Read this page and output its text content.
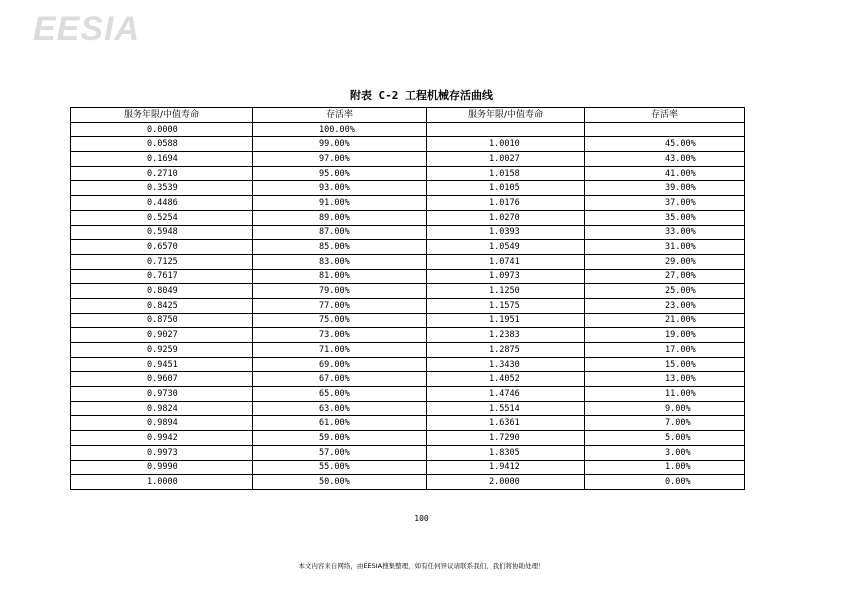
EESIA
附表 C-2 工程机械存活曲线
服务年限/中值寿命	存活率	服务年限/中值寿命	存活率
0.0000	100.00%		
0.0588	99.00%	1.0010	45.00%
0.1694	97.00%	1.0027	43.00%
0.2710	95.00%	1.0158	41.00%
0.3539	93.00%	1.0105	39.00%
0.4486	91.00%	1.0176	37.00%
0.5254	89.00%	1.0270	35.00%
0.5948	87.00%	1.0393	33.00%
0.6570	85.00%	1.0549	31.00%
0.7125	83.00%	1.0741	29.00%
0.7617	81.00%	1.0973	27.00%
0.8049	79.00%	1.1250	25.00%
0.8425	77.00%	1.1575	23.00%
0.8750	75.00%	1.1951	21.00%
0.9027	73.00%	1.2383	19.00%
0.9259	71.00%	1.2875	17.00%
0.9451	69.00%	1.3430	15.00%
0.9607	67.00%	1.4052	13.00%
0.9730	65.00%	1.4746	11.00%
0.9824	63.00%	1.5514	9.00%
0.9894	61.00%	1.6361	7.00%
0.9942	59.00%	1.7290	5.00%
0.9973	57.00%	1.8305	3.00%
0.9990	55.00%	1.9412	1.00%
1.0000	50.00%	2.0000	0.00%
100
本文内容来自网络，由EESIA搜集整理，如有任何异议请联系我们，我们将协助处理！
